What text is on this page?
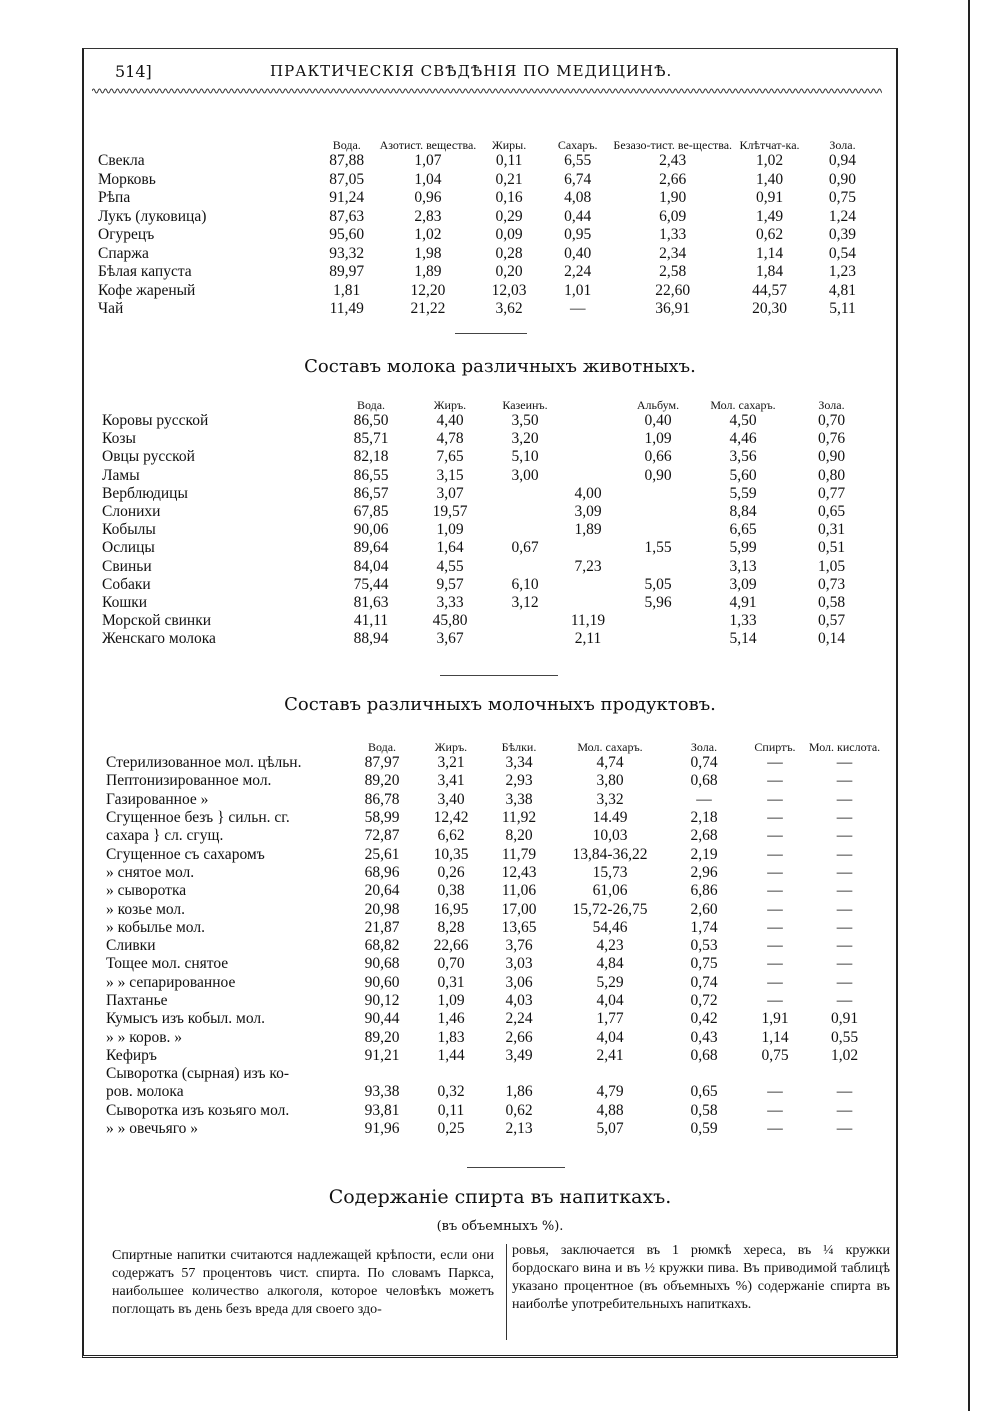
514]	ПРАКТИЧЕСКІЯ СВѢДѢНІЯ ПО МЕДИЦИНѢ.
	Вода.	Азотист. вещества.	Жиры.	Сахаръ.	Безазо-тист. ве-щества.	Клѣтчат-ка.	Зола.
Свекла	87,88	1,07	0,11	6,55	2,43	1,02	0,94
Морковь	87,05	1,04	0,21	6,74	2,66	1,40	0,90
Рѣпа	91,24	0,96	0,16	4,08	1,90	0,91	0,75
Лукъ (луковица)	87,63	2,83	0,29	0,44	6,09	1,49	1,24
Огурецъ	95,60	1,02	0,09	0,95	1,33	0,62	0,39
Спаржа	93,32	1,98	0,28	0,40	2,34	1,14	0,54
Бѣлая капуста	89,97	1,89	0,20	2,24	2,58	1,84	1,23
Кофе жареный	1,81	12,20	12,03	1,01	22,60	44,57	4,81
Чай	11,49	21,22	3,62	—	36,91	20,30	5,11
Составъ молока различныхъ животныхъ.
	Вода.	Жиръ.	Казеинъ.		Альбум.	Мол. сахаръ.	Зола.
Коровы русской	86,50	4,40	3,50		0,40	4,50	0,70
Козы	85,71	4,78	3,20		1,09	4,46	0,76
Овцы русской	82,18	7,65	5,10		0,66	3,56	0,90
Ламы	86,55	3,15	3,00		0,90	5,60	0,80
Верблюдицы	86,57	3,07		4,00		5,59	0,77
Слонихи	67,85	19,57		3,09		8,84	0,65
Кобылы	90,06	1,09		1,89		6,65	0,31
Ослицы	89,64	1,64	0,67		1,55	5,99	0,51
Свиньи	84,04	4,55		7,23		3,13	1,05
Собаки	75,44	9,57	6,10		5,05	3,09	0,73
Кошки	81,63	3,33	3,12		5,96	4,91	0,58
Морской свинки	41,11	45,80		11,19		1,33	0,57
Женскаго молока	88,94	3,67		2,11		5,14	0,14
Составъ различныхъ молочныхъ продуктовъ.
	Вода.	Жиръ.	Бѣлки.	Мол. сахаръ.	Зола.	Спиртъ.	Мол. кислота.
Стерилизованное мол. цѣльн.	87,97	3,21	3,34	4,74	0,74	—	—
Пептонизированное мол.	89,20	3,41	2,93	3,80	0,68	—	—
Газированное »	86,78	3,40	3,38	3,32	—	—	—
Сгущенное безъ } сильн. сг.	58,99	12,42	11,92	14.49	2,18	—	—
сахара } сл. сгущ.	72,87	6,62	8,20	10,03	2,68	—	—
Сгущенное съ сахаромъ	25,61	10,35	11,79	13,84-36,22	2,19	—	—
» снятое мол.	68,96	0,26	12,43	15,73	2,96	—	—
» сыворотка	20,64	0,38	11,06	61,06	6,86	—	—
» козье мол.	20,98	16,95	17,00	15,72-26,75	2,60	—	—
» кобылье мол.	21,87	8,28	13,65	54,46	1,74	—	—
Сливки	68,82	22,66	3,76	4,23	0,53	—	—
Тощее мол. снятое	90,68	0,70	3,03	4,84	0,75	—	—
» » сепарированное	90,60	0,31	3,06	5,29	0,74	—	—
Пахтанье	90,12	1,09	4,03	4,04	0,72	—	—
Кумысъ изъ кобыл. мол.	90,44	1,46	2,24	1,77	0,42	1,91	0,91
» » коров. »	89,20	1,83	2,66	4,04	0,43	1,14	0,55
Кефиръ	91,21	1,44	3,49	2,41	0,68	0,75	1,02
Сыворотка (сырная) изъ ко-							
ров. молока	93,38	0,32	1,86	4,79	0,65	—	—
Сыворотка изъ козьяго мол.	93,81	0,11	0,62	4,88	0,58	—	—
» » овечьяго »	91,96	0,25	2,13	5,07	0,59	—	—
Содержаніе спирта въ напиткахъ.
(въ объемныхъ %).
Спиртные напитки считаются надлежащей крѣпости, если они содержатъ 57 процентовъ чист. спирта. По словамъ Паркса, наибольшее количество алкоголя, которое человѣкъ можетъ поглощать въ день безъ вреда для своего здо-
ровья, заключается въ 1 рюмкѣ хереса, въ ¼ кружки бордоскаго вина и въ ½ кружки пива. Въ приводимой таблицѣ указано процентное (въ объемныхъ %) содержаніе спирта въ наиболѣе употребительныхъ напиткахъ.
